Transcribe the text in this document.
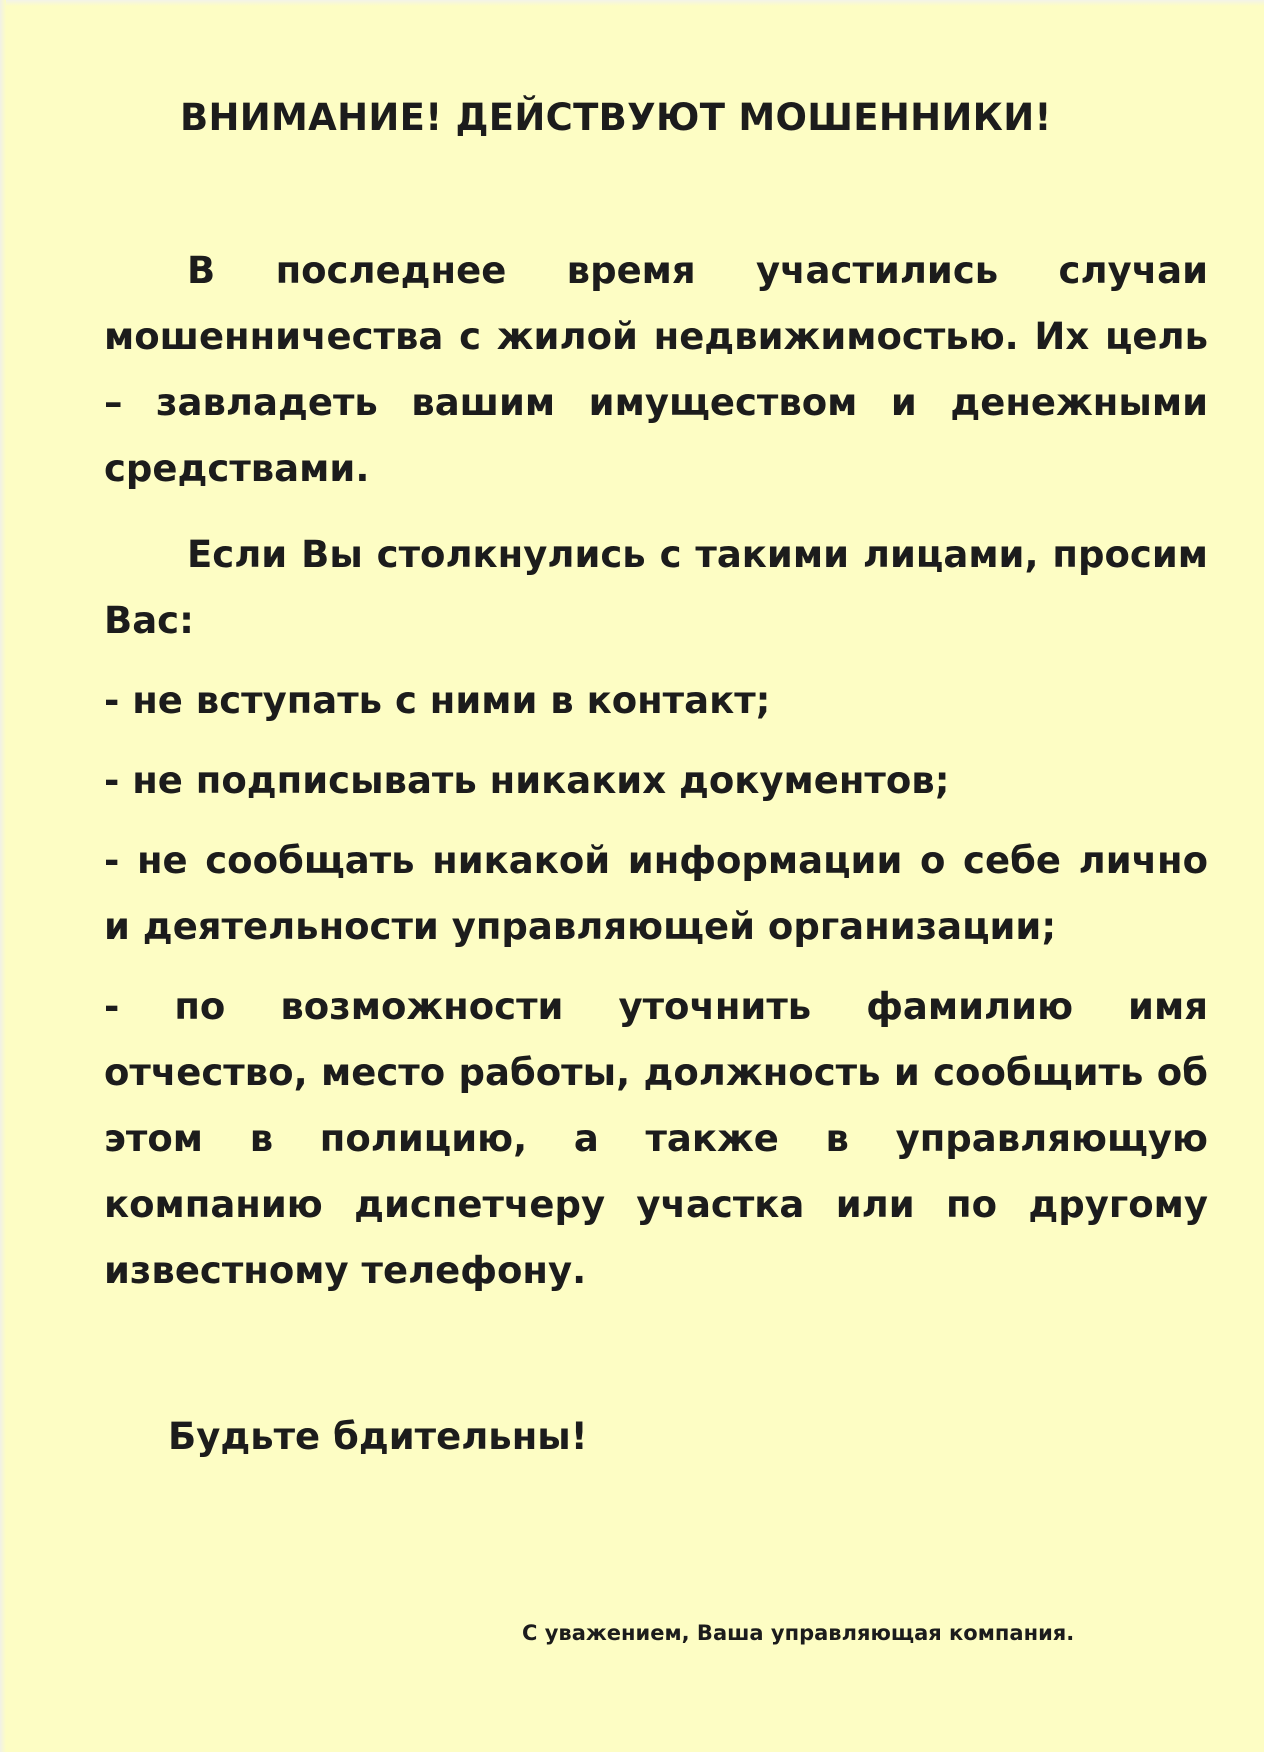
ВНИМАНИЕ! ДЕЙСТВУЮТ МОШЕННИКИ!

В последнее время участились случаи мошенничества с жилой недвижимостью. Их цель – завладеть вашим имуществом и денежными средствами.

Если Вы столкнулись с такими лицами, просим Вас:

- не вступать с ними в контакт;

- не подписывать никаких документов;

- не сообщать никакой информации о себе лично и деятельности управляющей организации;

- по возможности уточнить фамилию имя отчество, место работы, должность и сообщить об этом в полицию, а также в управляющую компанию диспетчеру участка или по другому известному телефону.

Будьте бдительны!

С уважением, Ваша управляющая компания.
